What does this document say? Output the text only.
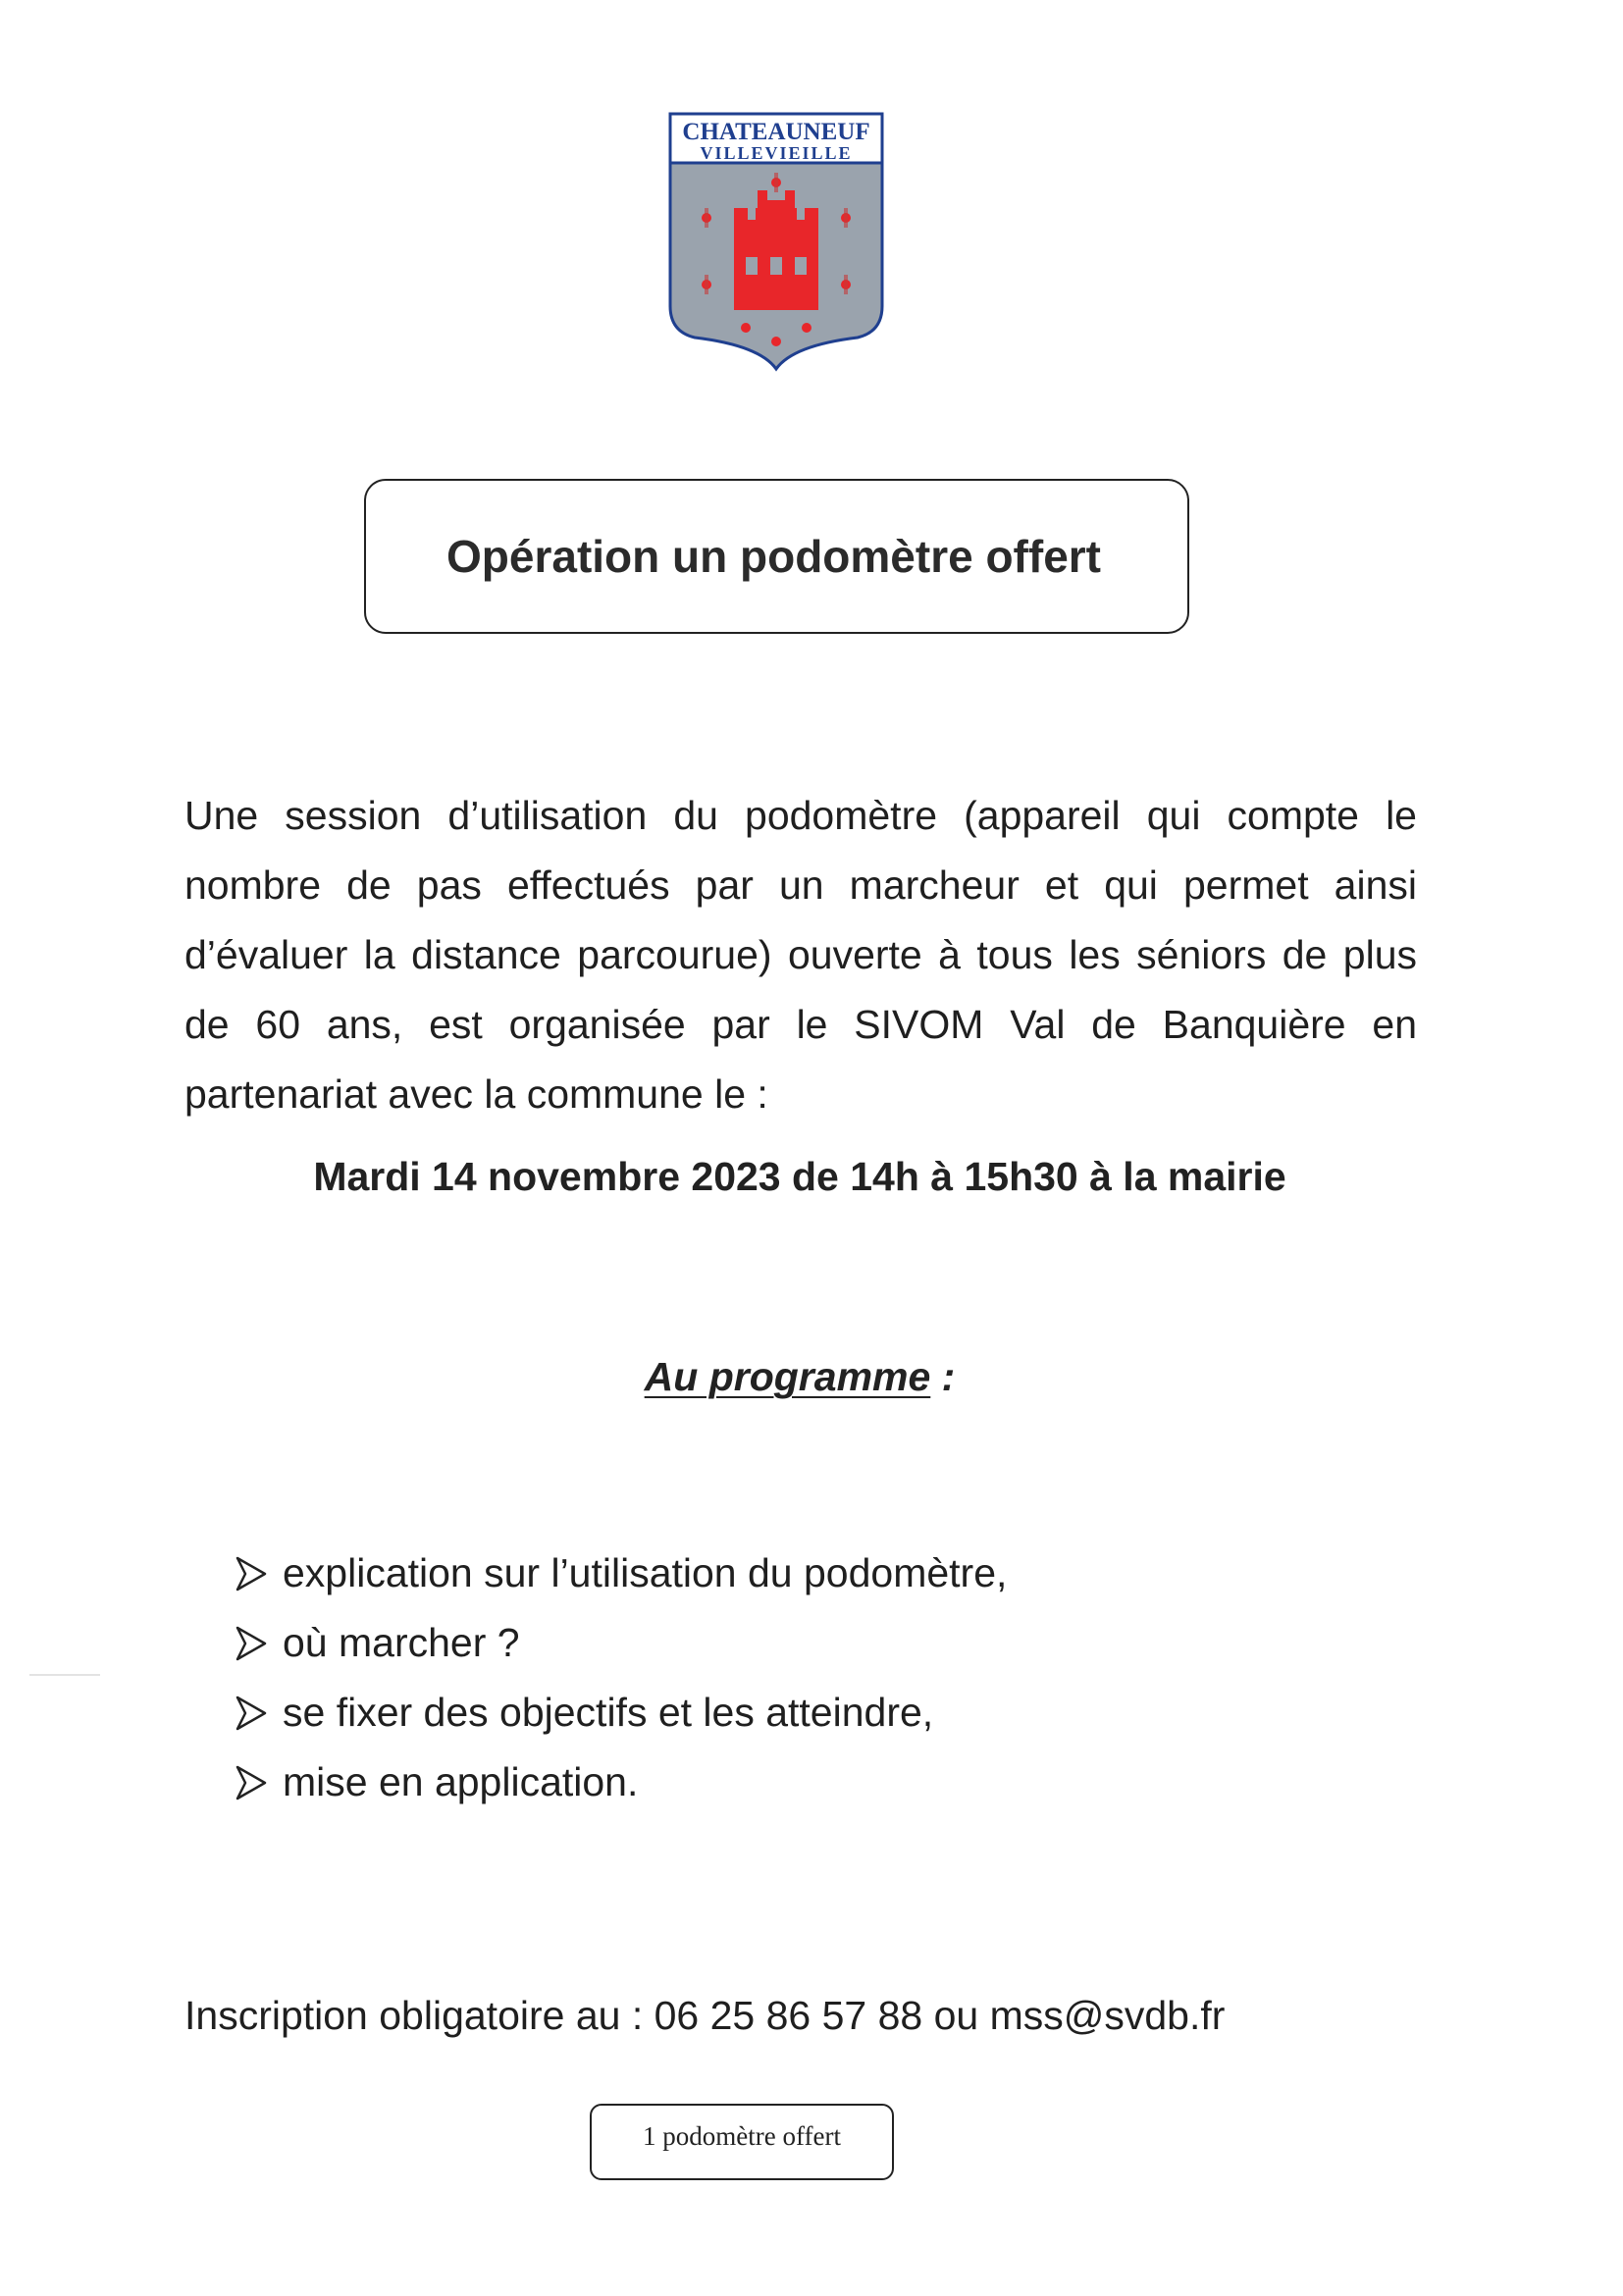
CHATEAUNEUF
VILLEVIEILLE
Opération un podomètre offert

Une session d’utilisation du podomètre (appareil qui compte le nombre de pas effectués par un marcheur et qui permet ainsi d’évaluer la distance parcourue) ouverte à tous les séniors de plus de 60 ans, est organisée par le SIVOM Val de Banquière en partenariat avec la commune le :

Mardi 14 novembre 2023 de 14h à 15h30 à la mairie
Au programme :
explication sur l’utilisation du podomètre,
où marcher ?
se fixer des objectifs et les atteindre,
mise en application.
Inscription obligatoire au : 06 25 86 57 88 ou mss@svdb.fr
1 podomètre offert
